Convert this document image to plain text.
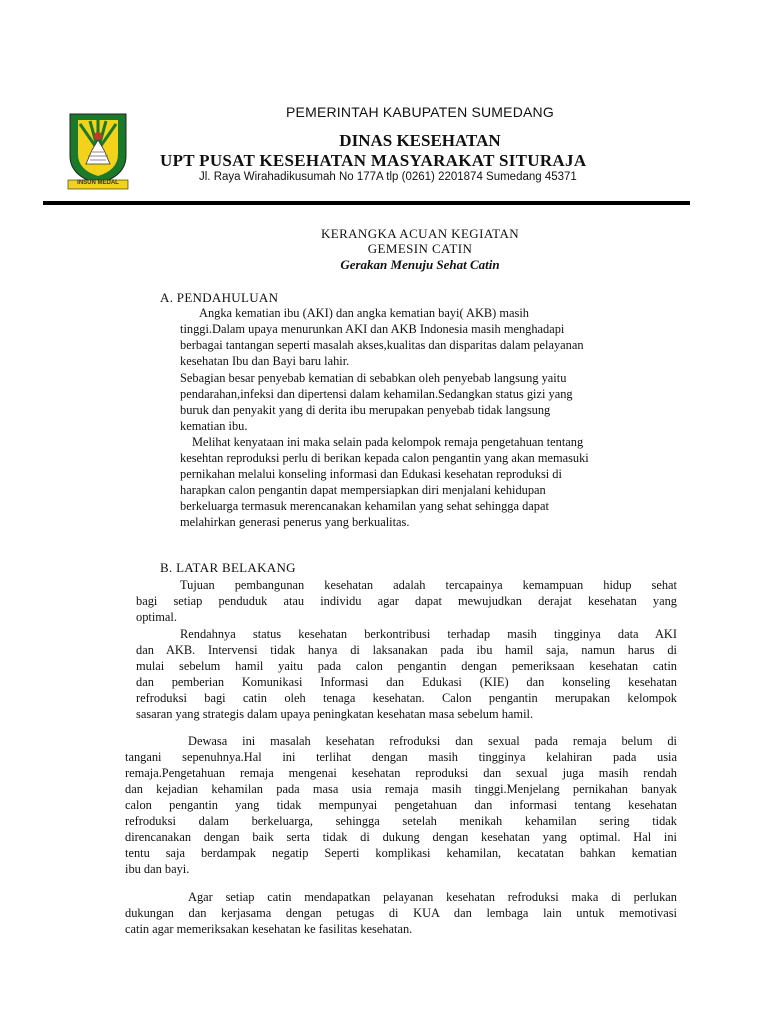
INSUN MEDAL
PEMERINTAH KABUPATEN SUMEDANG
DINAS KESEHATAN
UPT PUSAT KESEHATAN MASYARAKAT SITURAJA
Jl. Raya Wirahadikusumah No 177A tlp (0261) 2201874 Sumedang 45371
KERANGKA ACUAN KEGIATAN
GEMESIN CATIN
Gerakan Menuju Sehat Catin
A. PENDAHULUAN
Angka kematian ibu (AKI) dan angka kematian bayi( AKB) masih
tinggi.Dalam upaya menurunkan AKI dan AKB Indonesia masih menghadapi
berbagai tantangan seperti masalah akses,kualitas dan disparitas dalam pelayanan
kesehatan Ibu dan Bayi baru lahir.
Sebagian besar penyebab kematian di sebabkan oleh penyebab langsung yaitu
pendarahan,infeksi dan dipertensi dalam kehamilan.Sedangkan status gizi yang
buruk dan penyakit yang di derita ibu merupakan penyebab tidak langsung
kematian ibu.
Melihat kenyataan ini maka selain pada kelompok remaja pengetahuan tentang
kesehtan reproduksi perlu di berikan kepada calon pengantin yang akan memasuki
pernikahan melalui konseling informasi dan Edukasi kesehatan reproduksi di
harapkan calon pengantin dapat mempersiapkan diri menjalani kehidupan
berkeluarga termasuk merencanakan kehamilan yang sehat sehingga dapat
melahirkan generasi penerus yang berkualitas.
B. LATAR BELAKANG
Tujuan pembangunan kesehatan adalah tercapainya kemampuan hidup sehat
bagi setiap penduduk atau individu agar dapat mewujudkan derajat kesehatan yang
optimal.
Rendahnya status kesehatan berkontribusi terhadap masih tingginya data AKI
dan AKB. Intervensi tidak hanya di laksanakan pada ibu hamil saja, namun harus di
mulai sebelum hamil yaitu pada calon pengantin dengan pemeriksaan kesehatan catin
dan pemberian Komunikasi Informasi dan Edukasi (KIE) dan konseling kesehatan
refroduksi bagi catin oleh tenaga kesehatan. Calon pengantin merupakan kelompok
sasaran yang strategis dalam upaya peningkatan kesehatan masa sebelum hamil.
Dewasa ini masalah kesehatan refroduksi dan sexual pada remaja belum di
tangani sepenuhnya.Hal ini terlihat dengan masih tingginya kelahiran pada usia
remaja.Pengetahuan remaja mengenai kesehatan reproduksi dan sexual juga masih rendah
dan kejadian kehamilan pada masa usia remaja masih tinggi.Menjelang pernikahan banyak
calon pengantin yang tidak mempunyai pengetahuan dan informasi tentang kesehatan
refroduksi dalam berkeluarga, sehingga setelah menikah kehamilan sering tidak
direncanakan dengan baik serta tidak di dukung dengan kesehatan yang optimal. Hal ini
tentu saja berdampak negatip Seperti komplikasi kehamilan, kecatatan bahkan kematian
ibu dan bayi.
Agar setiap catin mendapatkan pelayanan kesehatan refroduksi maka di perlukan
dukungan dan kerjasama dengan petugas di KUA dan lembaga lain untuk memotivasi
catin agar memeriksakan kesehatan ke fasilitas kesehatan.
